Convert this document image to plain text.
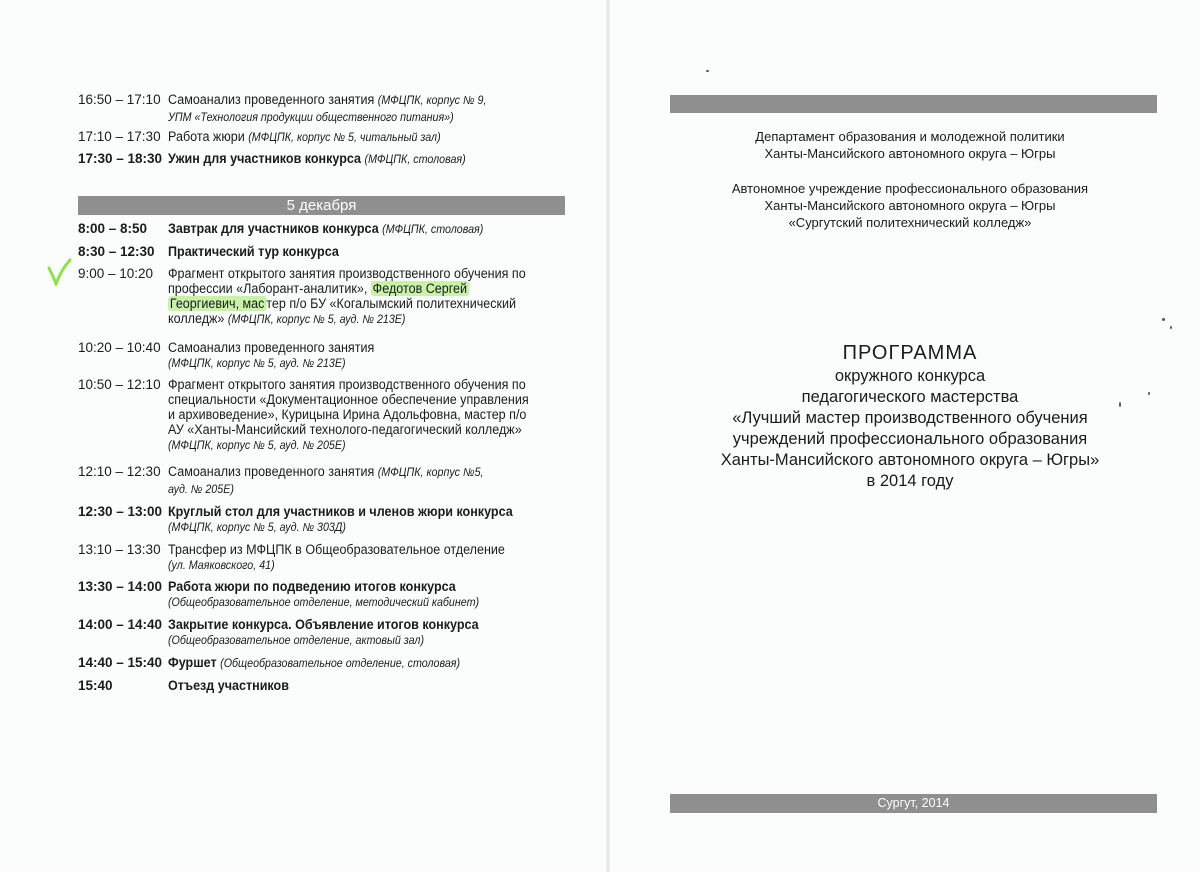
16:50 – 17:10 Самоанализ проведенного занятия (МФЦПК, корпус № 9,
УПМ «Технология продукции общественного питания»)
17:10 – 17:30 Работа жюри (МФЦПК, корпус № 5, читальный зал)
17:30 – 18:30 Ужин для участников конкурса (МФЦПК, столовая)
5 декабря
8:00 – 8:50 Завтрак для участников конкурса (МФЦПК, столовая)
8:30 – 12:30 Практический тур конкурса
9:00 – 10:20 Фрагмент открытого занятия производственного обучения по
профессии «Лаборант-аналитик», Федотов Сергей
Георгиевич, мас тер п/о БУ «Когалымский политехнический
колледж» (МФЦПК, корпус № 5, ауд. № 213Е)
10:20 – 10:40 Самоанализ проведенного занятия
(МФЦПК, корпус № 5, ауд. № 213Е)
10:50 – 12:10 Фрагмент открытого занятия производственного обучения по
специальности «Документационное обеспечение управления
и архивоведение», Курицына Ирина Адольфовна, мастер п/о
АУ «Ханты-Мансийский технолого-педагогический колледж»
(МФЦПК, корпус № 5, ауд. № 205Е)
12:10 – 12:30 Самоанализ проведенного занятия (МФЦПК, корпус №5,
ауд. № 205Е)
12:30 – 13:00 Круглый стол для участников и членов жюри конкурса
(МФЦПК, корпус № 5, ауд. № 303Д)
13:10 – 13:30 Трансфер из МФЦПК в Общеобразовательное отделение
(ул. Маяковского, 41)
13:30 – 14:00 Работа жюри по подведению итогов конкурса
(Общеобразовательное отделение, методический кабинет)
14:00 – 14:40 Закрытие конкурса. Объявление итогов конкурса
(Общеобразовательное отделение, актовый зал)
14:40 – 15:40 Фуршет (Общеобразовательное отделение, столовая)
15:40	Отъезд участников
Департамент образования и молодежной политики
Ханты-Мансийского автономного округа – Югры
Автономное учреждение профессионального образования
Ханты-Мансийского автономного округа – Югры
«Сургутский политехнический колледж»
ПРОГРАММА
окружного конкурса
педагогического мастерства
«Лучший мастер производственного обучения
учреждений профессионального образования
Ханты-Мансийского автономного округа – Югры»
в 2014 году
Сургут, 2014
